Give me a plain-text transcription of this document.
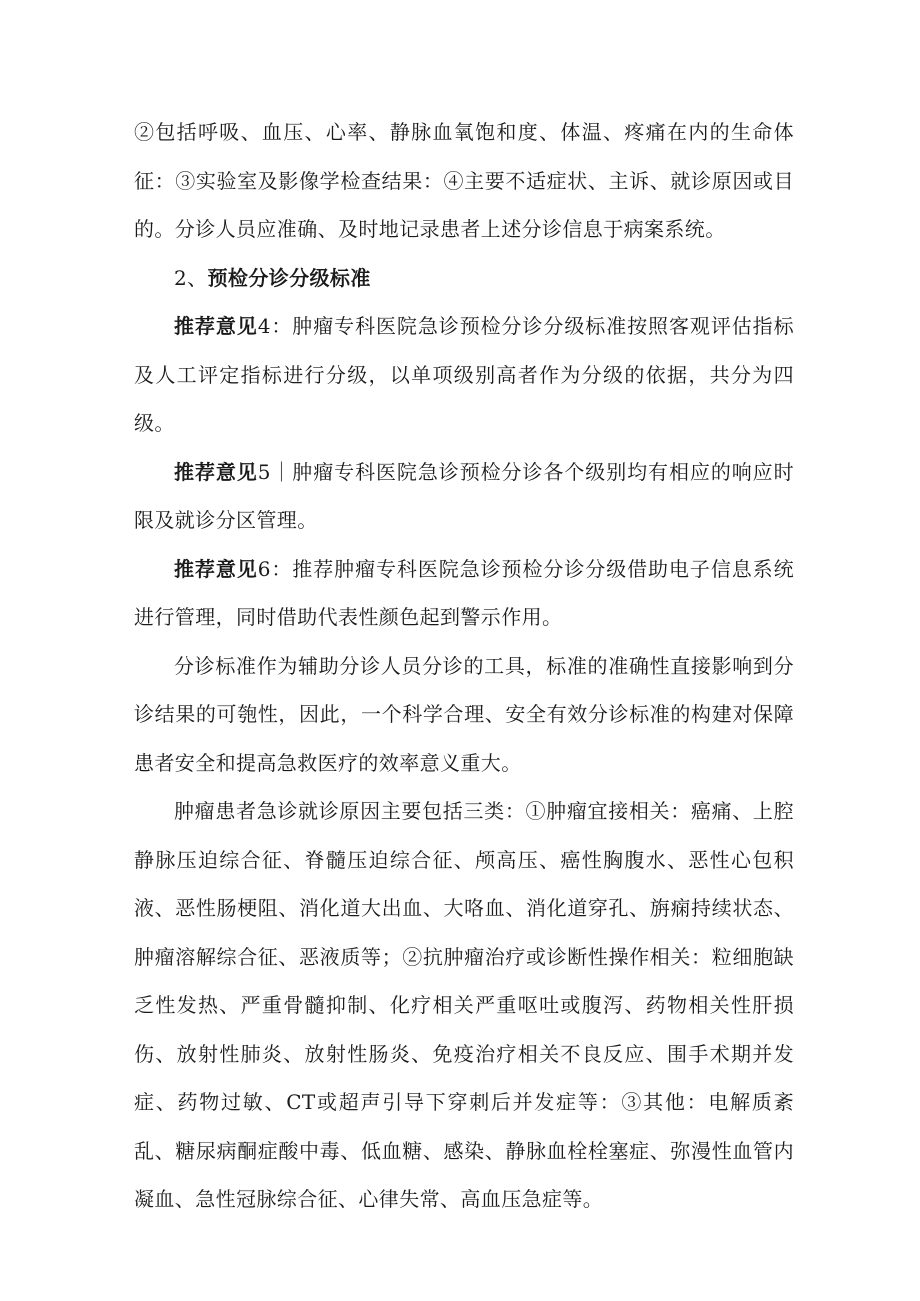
②包括呼吸、血压、心率、静脉血氧饱和度、体温、疼痛在内的生命体征：③实验室及影像学检查结果：④主要不适症状、主诉、就诊原因或目的。分诊人员应准确、及时地记录患者上述分诊信息于病案系统。

2、预检分诊分级标准

推荐意见4：肿瘤专科医院急诊预检分诊分级标准按照客观评估指标及人工评定指标进行分级，以单项级别高者作为分级的依据，共分为四级。

推荐意见5｜肿瘤专科医院急诊预检分诊各个级别均有相应的响应时限及就诊分区管理。

推荐意见6：推荐肿瘤专科医院急诊预检分诊分级借助电子信息系统进行管理，同时借助代表性颜色起到警示作用。

分诊标准作为辅助分诊人员分诊的工具，标准的准确性直接影响到分诊结果的可匏性，因此，一个科学合理、安全有效分诊标准的构建对保障患者安全和提高急救医疗的效率意义重大。

肿瘤患者急诊就诊原因主要包括三类：①肿瘤宜接相关：癌痛、上腔静脉压迫综合征、脊髓压迫综合征、颅高压、癌性胸腹水、恶性心包积液、恶性肠梗阻、消化道大出血、大咯血、消化道穿孔、旃痫持续状态、肿瘤溶解综合征、恶液质等；②抗肿瘤治疗或诊断性操作相关：粒细胞缺乏性发热、严重骨髓抑制、化疗相关严重呕吐或腹泻、药物相关性肝损伤、放射性肺炎、放射性肠炎、免疫治疗相关不良反应、围手术期并发症、药物过敏、CT或超声引导下穿刺后并发症等：③其他：电解质紊乱、糖尿病酮症酸中毒、低血糖、感染、静脉血栓栓塞症、弥漫性血管内凝血、急性冠脉综合征、心律失常、高血压急症等。
